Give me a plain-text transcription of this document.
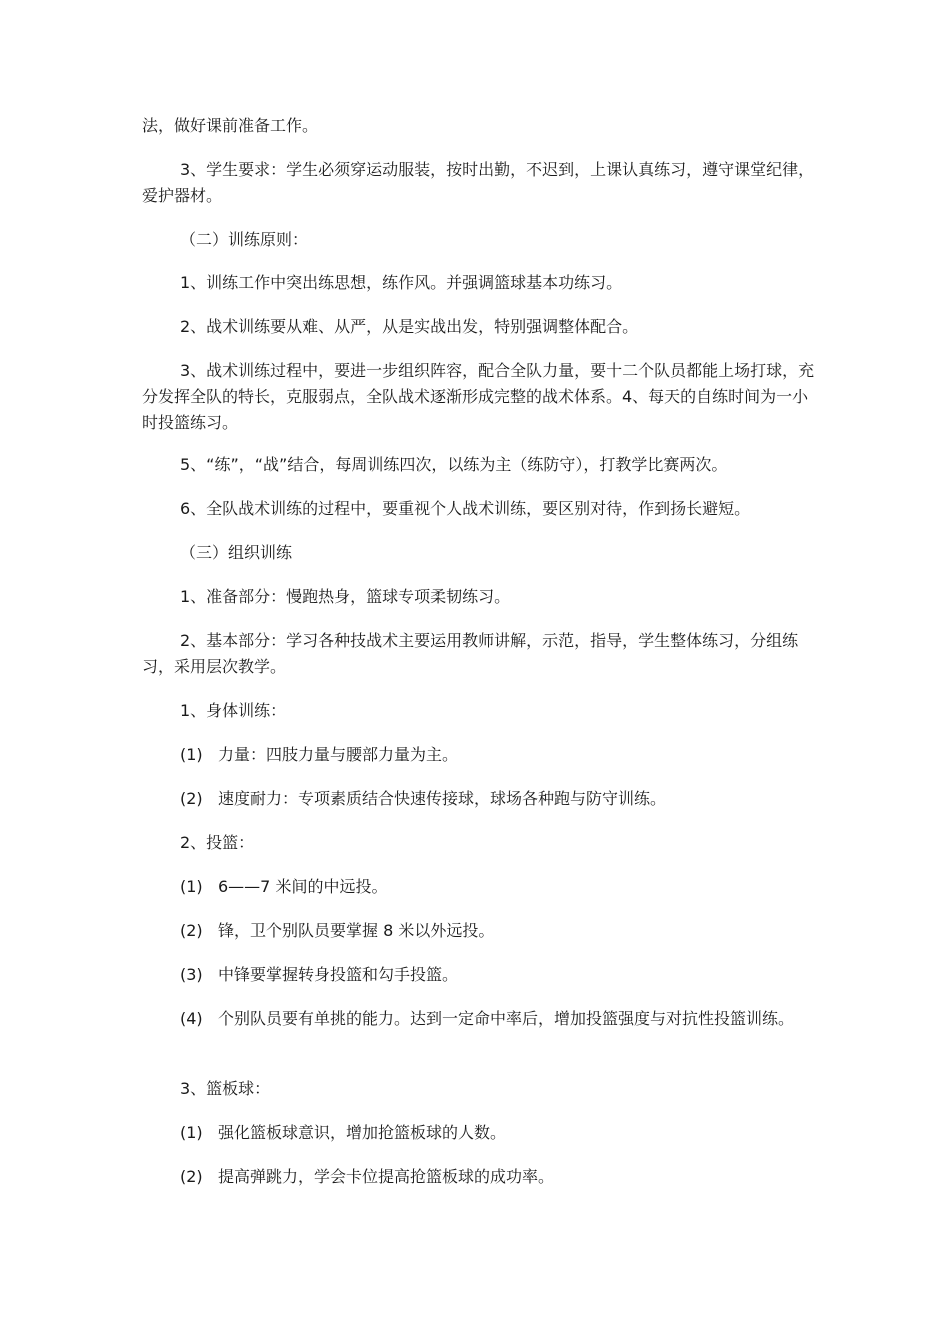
法，做好课前准备工作。

3、学生要求：学生必须穿运动服装，按时出勤，不迟到，上课认真练习，遵守课堂纪律，爱护器材。

（二）训练原则：

1、训练工作中突出练思想，练作风。并强调篮球基本功练习。

2、战术训练要从难、从严，从是实战出发，特别强调整体配合。

3、战术训练过程中，要进一步组织阵容，配合全队力量，要十二个队员都能上场打球，充分发挥全队的特长，克服弱点，全队战术逐渐形成完整的战术体系。4、每天的自练时间为一小时投篮练习。

5、“练”，“战”结合，每周训练四次，以练为主（练防守），打教学比赛两次。

6、全队战术训练的过程中，要重视个人战术训练，要区别对待，作到扬长避短。

（三）组织训练

1、准备部分：慢跑热身，篮球专项柔韧练习。

2、基本部分：学习各种技战术主要运用教师讲解，示范，指导，学生整体练习，分组练习，采用层次教学。

1、身体训练：

(1) 力量：四肢力量与腰部力量为主。
(2) 速度耐力：专项素质结合快速传接球，球场各种跑与防守训练。

2、投篮：

(1) 6——7 米间的中远投。
(2) 锋，卫个别队员要掌握 8 米以外远投。
(3) 中锋要掌握转身投篮和勾手投篮。
(4) 个别队员要有单挑的能力。达到一定命中率后，增加投篮强度与对抗性投篮训练。

3、篮板球：

(1) 强化篮板球意识，增加抢篮板球的人数。
(2) 提高弹跳力，学会卡位提高抢篮板球的成功率。
